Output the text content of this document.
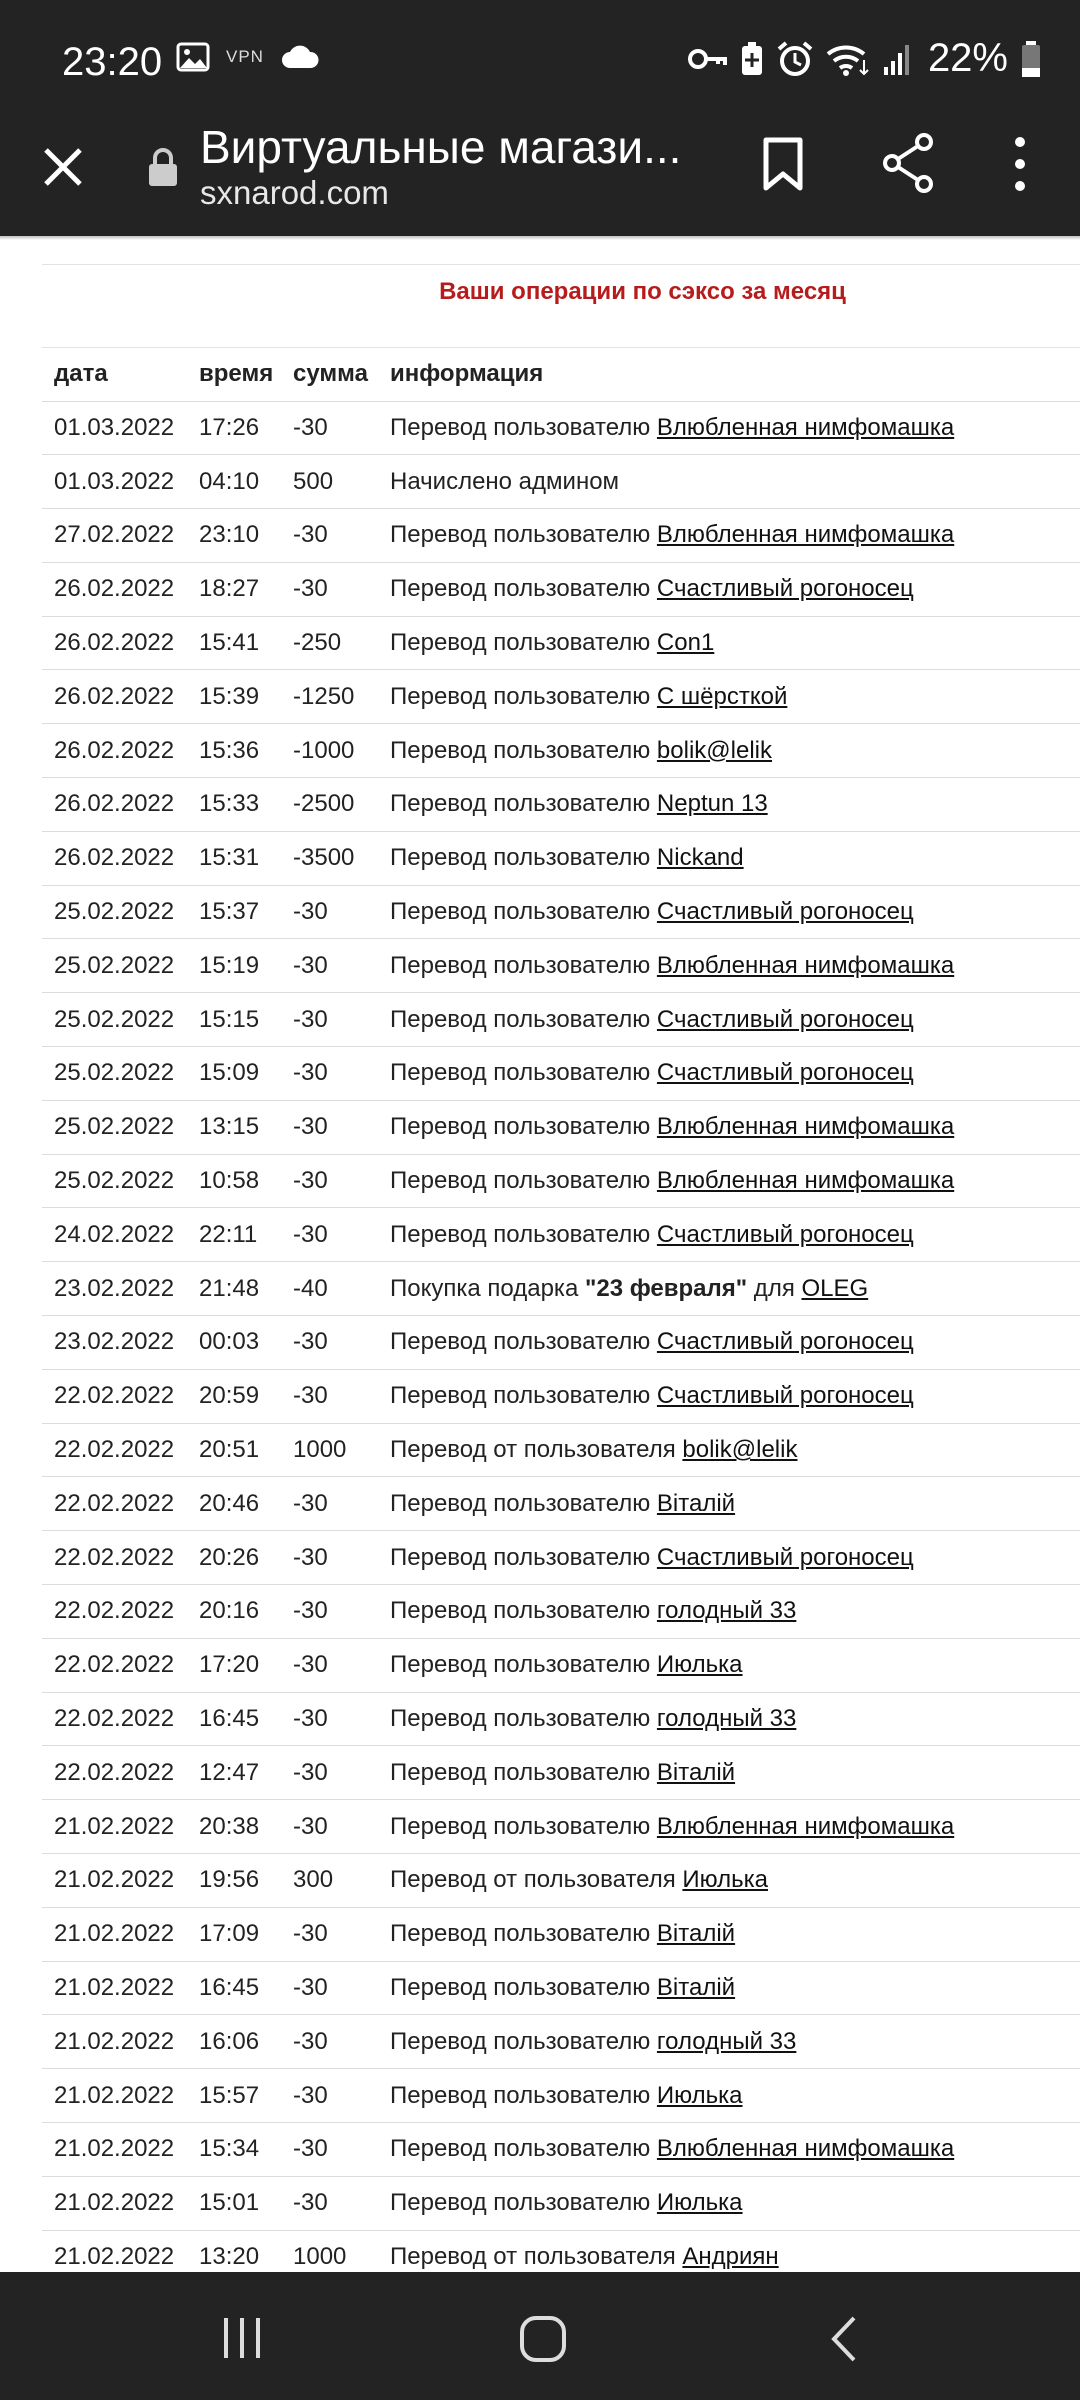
23:20	VPN	22%
Виртуальные магази...
sxnarod.com
Ваши операции по сэксо за месяц
дата	время	сумма	информация
01.03.2022	17:26	-30	Перевод пользователю Влюбленная нимфомашка
01.03.2022	04:10	500	Начислено админом
27.02.2022	23:10	-30	Перевод пользователю Влюбленная нимфомашка
26.02.2022	18:27	-30	Перевод пользователю Счастливый рогоносец
26.02.2022	15:41	-250	Перевод пользователю Con1
26.02.2022	15:39	-1250	Перевод пользователю С шёрсткой
26.02.2022	15:36	-1000	Перевод пользователю bolik@lelik
26.02.2022	15:33	-2500	Перевод пользователю Neptun 13
26.02.2022	15:31	-3500	Перевод пользователю Nickand
25.02.2022	15:37	-30	Перевод пользователю Счастливый рогоносец
25.02.2022	15:19	-30	Перевод пользователю Влюбленная нимфомашка
25.02.2022	15:15	-30	Перевод пользователю Счастливый рогоносец
25.02.2022	15:09	-30	Перевод пользователю Счастливый рогоносец
25.02.2022	13:15	-30	Перевод пользователю Влюбленная нимфомашка
25.02.2022	10:58	-30	Перевод пользователю Влюбленная нимфомашка
24.02.2022	22:11	-30	Перевод пользователю Счастливый рогоносец
23.02.2022	21:48	-40	Покупка подарка "23 февраля" для OLEG
23.02.2022	00:03	-30	Перевод пользователю Счастливый рогоносец
22.02.2022	20:59	-30	Перевод пользователю Счастливый рогоносец
22.02.2022	20:51	1000	Перевод от пользователя bolik@lelik
22.02.2022	20:46	-30	Перевод пользователю Віталій
22.02.2022	20:26	-30	Перевод пользователю Счастливый рогоносец
22.02.2022	20:16	-30	Перевод пользователю голодный 33
22.02.2022	17:20	-30	Перевод пользователю Июлька
22.02.2022	16:45	-30	Перевод пользователю голодный 33
22.02.2022	12:47	-30	Перевод пользователю Віталій
21.02.2022	20:38	-30	Перевод пользователю Влюбленная нимфомашка
21.02.2022	19:56	300	Перевод от пользователя Июлька
21.02.2022	17:09	-30	Перевод пользователю Віталій
21.02.2022	16:45	-30	Перевод пользователю Віталій
21.02.2022	16:06	-30	Перевод пользователю голодный 33
21.02.2022	15:57	-30	Перевод пользователю Июлька
21.02.2022	15:34	-30	Перевод пользователю Влюбленная нимфомашка
21.02.2022	15:01	-30	Перевод пользователю Июлька
21.02.2022	13:20	1000	Перевод от пользователя Андриян
